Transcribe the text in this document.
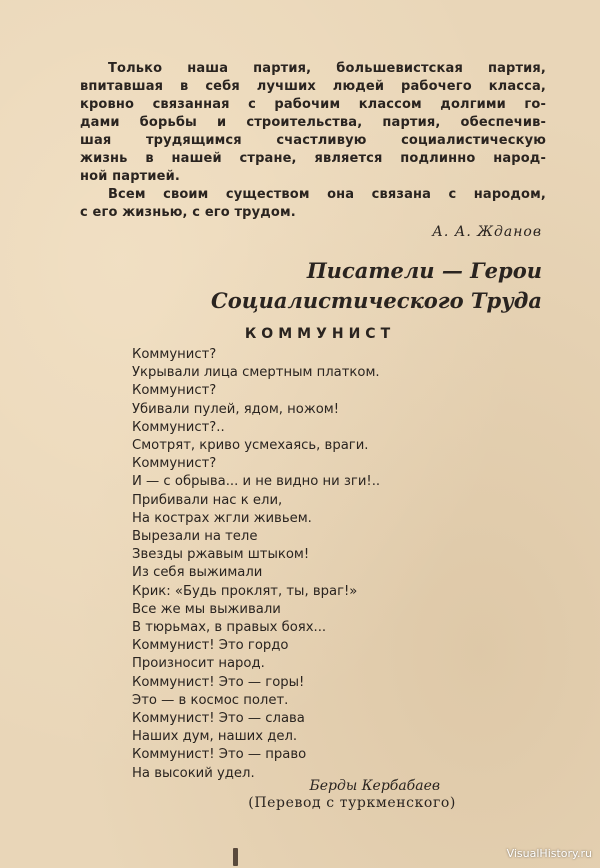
Только наша партия, большевистская партия,

впитавшая в себя лучших людей рабочего класса,
кровно связанная с рабочим классом долгими го-
дами борьбы и строительства, партия, обеспечив-
шая трудящимся счастливую социалистическую
жизнь в нашей стране, является подлинно народ-
ной партией.

Всем своим существом она связана с народом,

с его жизнью, с его трудом.
А. А. Жданов
Писатели — Герои
Социалистического Труда
КОММУНИСТ
Коммунист?
Укрывали лица смертным платком.
Коммунист?
Убивали пулей, ядом, ножом!
Коммунист?..
Смотрят, криво усмехаясь, враги.
Коммунист?
И — с обрыва... и не видно ни зги!..
Прибивали нас к ели,
На кострах жгли живьем.
Вырезали на теле
Звезды ржавым штыком!
Из себя выжимали
Крик: «Будь проклят, ты, враг!»
Все же мы выживали
В тюрьмах, в правых боях...
Коммунист! Это гордо
Произносит народ.
Коммунист! Это — горы!
Это — в космос полет.
Коммунист! Это — слава
Наших дум, наших дел.
Коммунист! Это — право
На высокий удел.
Берды Кербабаев
(Перевод с туркменского)
VisualHistory.ru
